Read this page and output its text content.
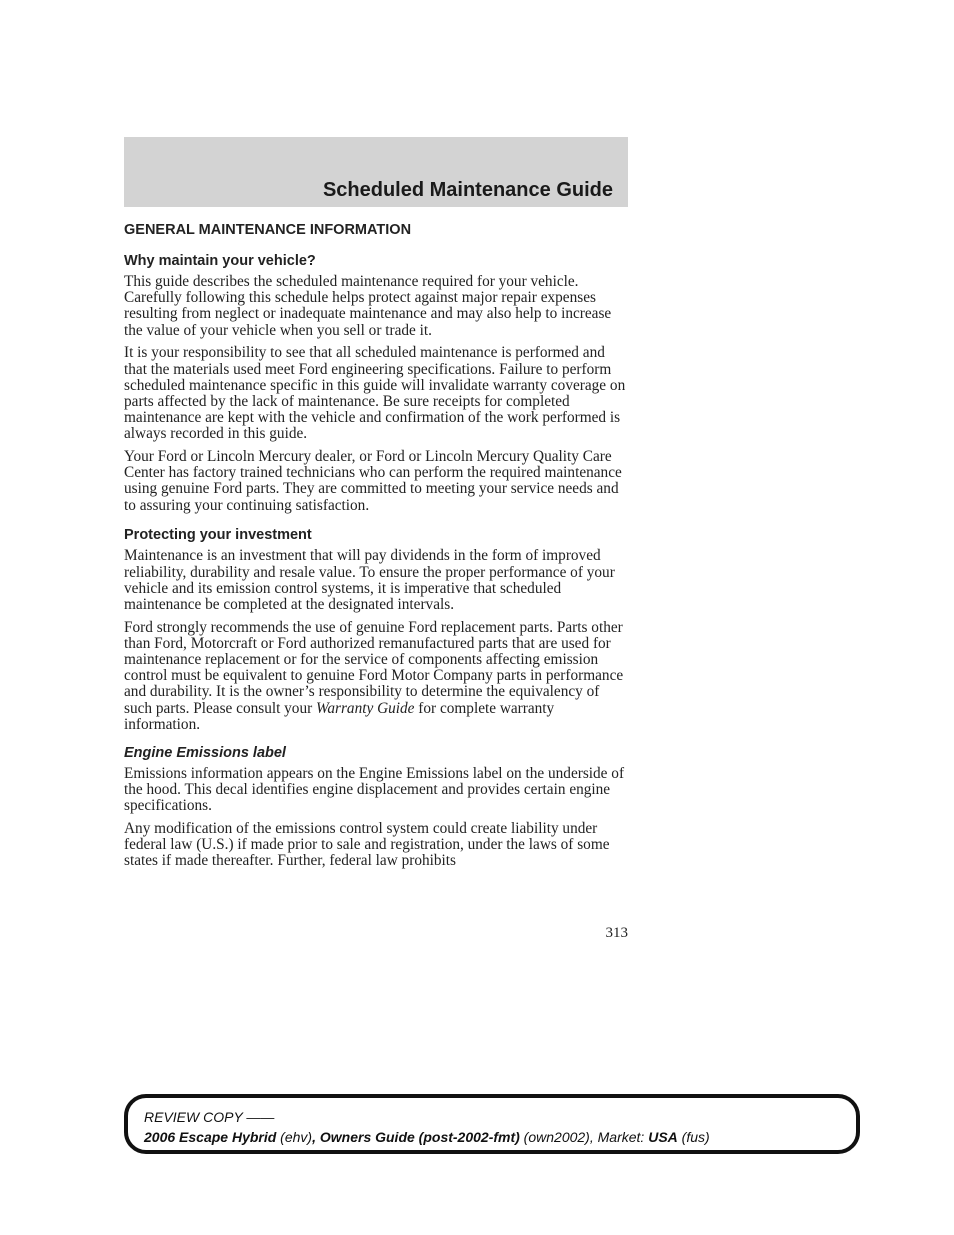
Scheduled Maintenance Guide
GENERAL MAINTENANCE INFORMATION
Why maintain your vehicle?

This guide describes the scheduled maintenance required for your vehicle. Carefully following this schedule helps protect against major repair expenses resulting from neglect or inadequate maintenance and may also help to increase the value of your vehicle when you sell or trade it.

It is your responsibility to see that all scheduled maintenance is performed and that the materials used meet Ford engineering specifications. Failure to perform scheduled maintenance specific in this guide will invalidate warranty coverage on parts affected by the lack of maintenance. Be sure receipts for completed maintenance are kept with the vehicle and confirmation of the work performed is always recorded in this guide.

Your Ford or Lincoln Mercury dealer, or Ford or Lincoln Mercury Quality Care Center has factory trained technicians who can perform the required maintenance using genuine Ford parts. They are committed to meeting your service needs and to assuring your continuing satisfaction.

Protecting your investment

Maintenance is an investment that will pay dividends in the form of improved reliability, durability and resale value. To ensure the proper performance of your vehicle and its emission control systems, it is imperative that scheduled maintenance be completed at the designated intervals.

Ford strongly recommends the use of genuine Ford replacement parts. Parts other than Ford, Motorcraft or Ford authorized remanufactured parts that are used for maintenance replacement or for the service of components affecting emission control must be equivalent to genuine Ford Motor Company parts in performance and durability. It is the owner’s responsibility to determine the equivalency of such parts. Please consult your Warranty Guide for complete warranty information.

Engine Emissions label

Emissions information appears on the Engine Emissions label on the underside of the hood. This decal identifies engine displacement and provides certain engine specifications.

Any modification of the emissions control system could create liability under federal law (U.S.) if made prior to sale and registration, under the laws of some states if made thereafter. Further, federal law prohibits

313
REVIEW COPY ——
2006 Escape Hybrid (ehv), Owners Guide (post-2002-fmt) (own2002), Market: USA (fus)
